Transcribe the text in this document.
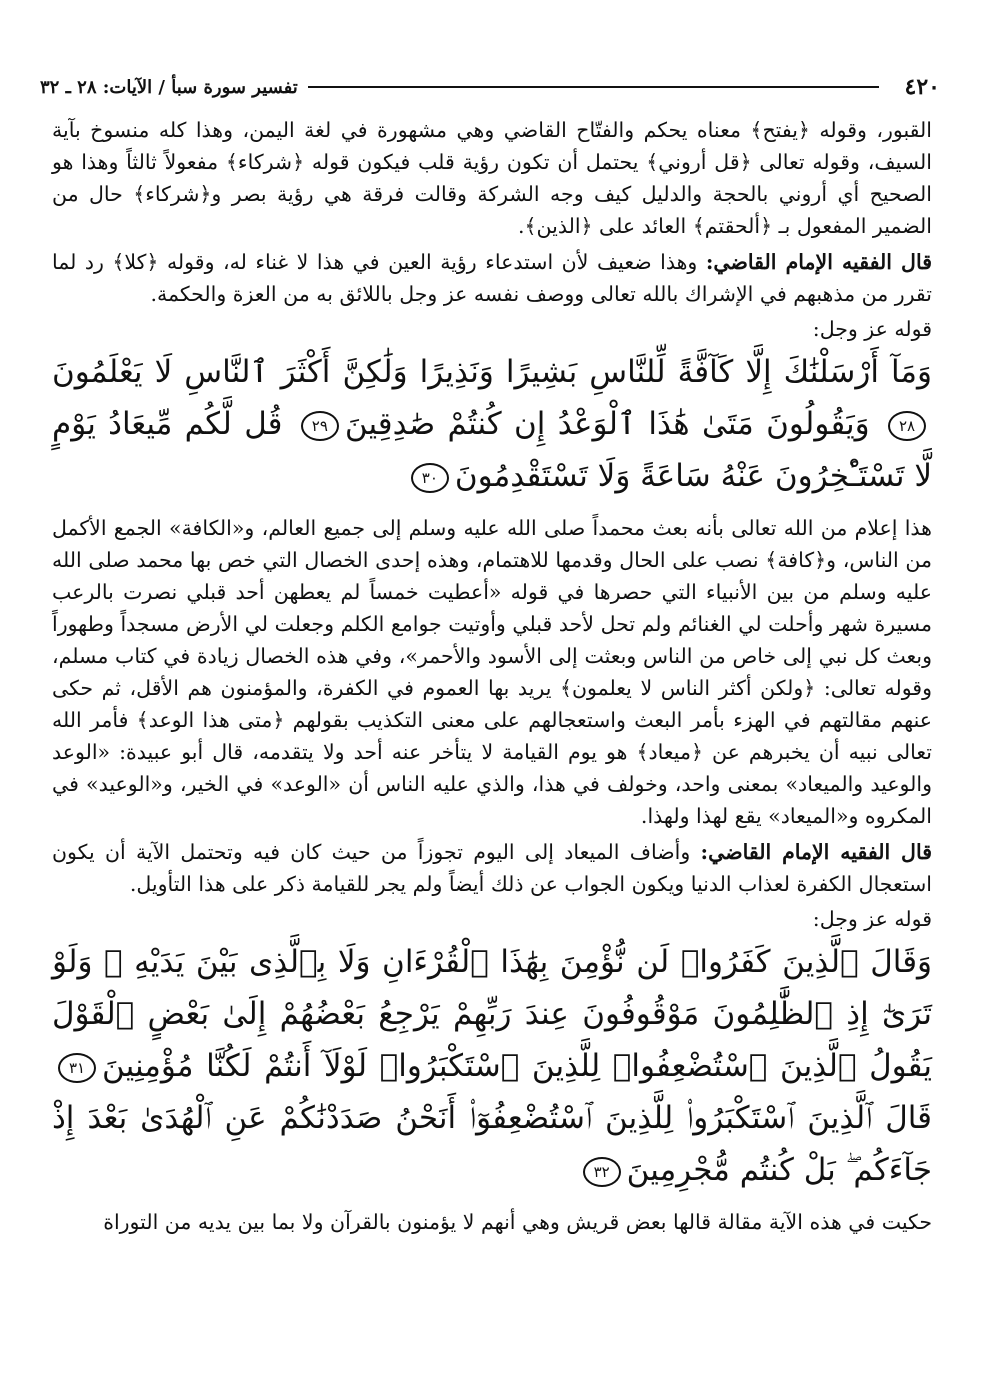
٤٢٠
تفسير سورة سبأ / الآيات: ٢٨ ـ ٣٢

القبور، وقوله ﴿يفتح﴾ معناه يحكم والفتّاح القاضي وهي مشهورة في لغة اليمن، وهذا كله منسوخ بآية السيف، وقوله تعالى ﴿قل أروني﴾ يحتمل أن تكون رؤية قلب فيكون قوله ﴿شركاء﴾ مفعولاً ثالثاً وهذا هو الصحيح أي أروني بالحجة والدليل كيف وجه الشركة وقالت فرقة هي رؤية بصر و﴿شركاء﴾ حال من الضمير المفعول بـ ﴿ألحقتم﴾ العائد على ﴿الذين﴾.

قال الفقيه الإمام القاضي: وهذا ضعيف لأن استدعاء رؤية العين في هذا لا غناء له، وقوله ﴿كلا﴾ رد لما تقرر من مذهبهم في الإشراك بالله تعالى ووصف نفسه عز وجل باللائق به من العزة والحكمة.

قوله عز وجل:

وَمَآ أَرْسَلْنَٰكَ إِلَّا كَآفَّةً لِّلنَّاسِ بَشِيرًا وَنَذِيرًا وَلَٰكِنَّ أَكْثَرَ ٱلنَّاسِ لَا يَعْلَمُونَ٢٨ وَيَقُولُونَ مَتَىٰ هَٰذَا ٱلْوَعْدُ إِن كُنتُمْ صَٰدِقِينَ٢٩ قُل لَّكُم مِّيعَادُ يَوْمٍ لَّا تَسْتَـْٔخِرُونَ عَنْهُ سَاعَةً وَلَا تَسْتَقْدِمُونَ٣٠

هذا إعلام من الله تعالى بأنه بعث محمداً صلى الله عليه وسلم إلى جميع العالم، و«الكافة» الجمع الأكمل من الناس، و﴿كافة﴾ نصب على الحال وقدمها للاهتمام، وهذه إحدى الخصال التي خص بها محمد صلى الله عليه وسلم من بين الأنبياء التي حصرها في قوله «أعطيت خمساً لم يعطهن أحد قبلي نصرت بالرعب مسيرة شهر وأحلت لي الغنائم ولم تحل لأحد قبلي وأوتيت جوامع الكلم وجعلت لي الأرض مسجداً وطهوراً وبعث كل نبي إلى خاص من الناس وبعثت إلى الأسود والأحمر»، وفي هذه الخصال زيادة في كتاب مسلم، وقوله تعالى: ﴿ولكن أكثر الناس لا يعلمون﴾ يريد بها العموم في الكفرة، والمؤمنون هم الأقل، ثم حكى عنهم مقالتهم في الهزء بأمر البعث واستعجالهم على معنى التكذيب بقولهم ﴿متى هذا الوعد﴾ فأمر الله تعالى نبيه أن يخبرهم عن ﴿ميعاد﴾ هو يوم القيامة لا يتأخر عنه أحد ولا يتقدمه، قال أبو عبيدة: «الوعد والوعيد والميعاد» بمعنى واحد، وخولف في هذا، والذي عليه الناس أن «الوعد» في الخير، و«الوعيد» في المكروه و«الميعاد» يقع لهذا ولهذا.

قال الفقيه الإمام القاضي: وأضاف الميعاد إلى اليوم تجوزاً من حيث كان فيه وتحتمل الآية أن يكون استعجال الكفرة لعذاب الدنيا ويكون الجواب عن ذلك أيضاً ولم يجر للقيامة ذكر على هذا التأويل.

قوله عز وجل:

وَقَالَ ٱلَّذِينَ كَفَرُوا۟ لَن نُّؤْمِنَ بِهَٰذَا ٱلْقُرْءَانِ وَلَا بِٱلَّذِى بَيْنَ يَدَيْهِ ۗ وَلَوْ تَرَىٰٓ إِذِ ٱلظَّٰلِمُونَ مَوْقُوفُونَ عِندَ رَبِّهِمْ يَرْجِعُ بَعْضُهُمْ إِلَىٰ بَعْضٍ ٱلْقَوْلَ يَقُولُ ٱلَّذِينَ ٱسْتُضْعِفُوا۟ لِلَّذِينَ ٱسْتَكْبَرُوا۟ لَوْلَآ أَنتُمْ لَكُنَّا مُؤْمِنِينَ٣١ قَالَ ٱلَّذِينَ ٱسْتَكْبَرُوا۟ لِلَّذِينَ ٱسْتُضْعِفُوٓا۟ أَنَحْنُ صَدَدْنَٰكُمْ عَنِ ٱلْهُدَىٰ بَعْدَ إِذْ جَآءَكُم ۖ بَلْ كُنتُم مُّجْرِمِينَ٣٢

حكيت في هذه الآية مقالة قالها بعض قريش وهي أنهم لا يؤمنون بالقرآن ولا بما بين يديه من التوراة
